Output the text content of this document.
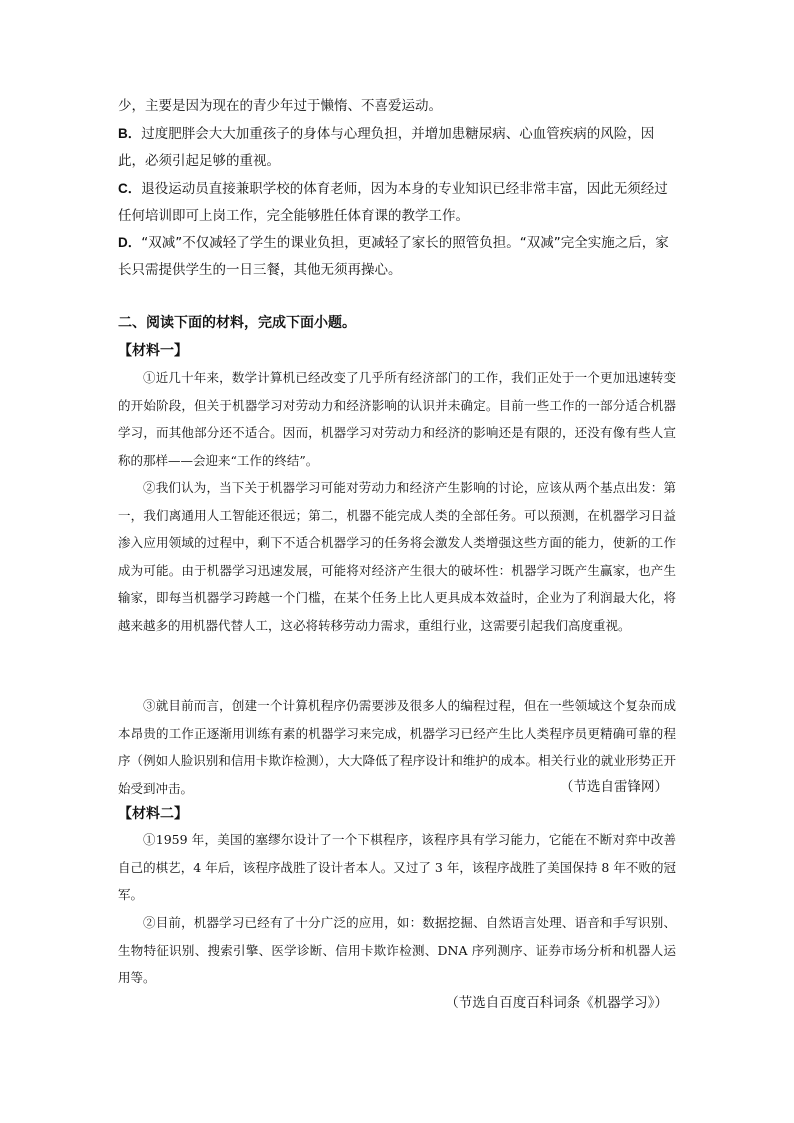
少，主要是因为现在的青少年过于懒惰、不喜爱运动。

B．过度肥胖会大大加重孩子的身体与心理负担，并增加患糖尿病、心血管疾病的风险，因此，必须引起足够的重视。

C．退役运动员直接兼职学校的体育老师，因为本身的专业知识已经非常丰富，因此无须经过任何培训即可上岗工作，完全能够胜任体育课的教学工作。

D．“双减”不仅减轻了学生的课业负担，更减轻了家长的照管负担。“双减”完全实施之后，家长只需提供学生的一日三餐，其他无须再操心。

二、阅读下面的材料，完成下面小题。

【材料一】

①近几十年来，数学计算机已经改变了几乎所有经济部门的工作，我们正处于一个更加迅速转变的开始阶段，但关于机器学习对劳动力和经济影响的认识并未确定。目前一些工作的一部分适合机器学习，而其他部分还不适合。因而，机器学习对劳动力和经济的影响还是有限的，还没有像有些人宣称的那样——会迎来“工作的终结”。

②我们认为，当下关于机器学习可能对劳动力和经济产生影响的讨论，应该从两个基点出发：第一，我们离通用人工智能还很远；第二，机器不能完成人类的全部任务。可以预测，在机器学习日益渗入应用领域的过程中，剩下不适合机器学习的任务将会激发人类增强这些方面的能力，使新的工作成为可能。由于机器学习迅速发展，可能将对经济产生很大的破坏性：机器学习既产生赢家，也产生输家，即每当机器学习跨越一个门槛，在某个任务上比人更具成本效益时，企业为了利润最大化，将越来越多的用机器代替人工，这必将转移劳动力需求，重组行业，这需要引起我们高度重视。

③就目前而言，创建一个计算机程序仍需要涉及很多人的编程过程，但在一些领域这个复杂而成本昂贵的工作正逐渐用训练有素的机器学习来完成，机器学习已经产生比人类程序员更精确可靠的程序（例如人脸识别和信用卡欺诈检测），大大降低了程序设计和维护的成本。相关行业的就业形势正开始受到冲击。	（节选自雷锋网）

【材料二】

①1959 年，美国的塞缪尔设计了一个下棋程序，该程序具有学习能力，它能在不断对弈中改善自己的棋艺，4 年后，该程序战胜了设计者本人。又过了 3 年，该程序战胜了美国保持 8 年不败的冠军。

②目前，机器学习已经有了十分广泛的应用，如：数据挖掘、自然语言处理、语音和手写识别、生物特征识别、搜索引擎、医学诊断、信用卡欺诈检测、DNA 序列测序、证券市场分析和机器人运用等。

（节选自百度百科词条《机器学习》）
